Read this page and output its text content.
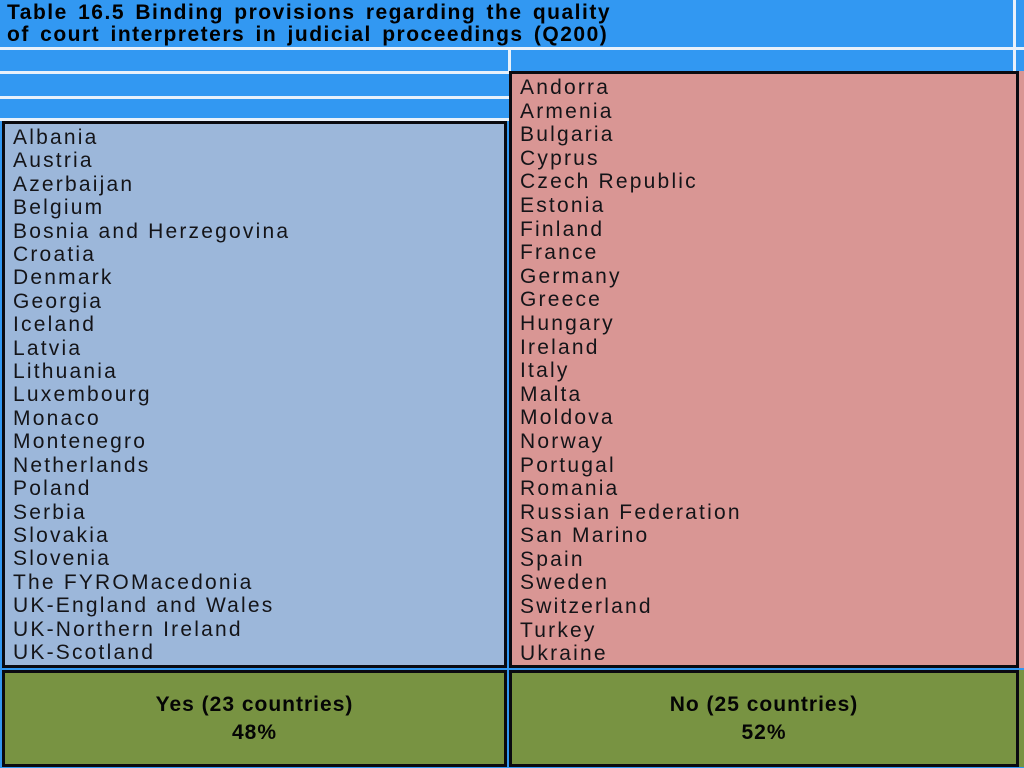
Table 16.5 Binding provisions regarding the quality
of court interpreters in judicial proceedings (Q200)
Albania
Austria
Azerbaijan
Belgium
Bosnia and Herzegovina
Croatia
Denmark
Georgia
Iceland
Latvia
Lithuania
Luxembourg
Monaco
Montenegro
Netherlands
Poland
Serbia
Slovakia
Slovenia
The FYROMacedonia
UK-England and Wales
UK-Northern Ireland
UK-Scotland
Andorra
Armenia
Bulgaria
Cyprus
Czech Republic
Estonia
Finland
France
Germany
Greece
Hungary
Ireland
Italy
Malta
Moldova
Norway
Portugal
Romania
Russian Federation
San Marino
Spain
Sweden
Switzerland
Turkey
Ukraine
Yes (23 countries)
48%
No (25 countries)
52%
